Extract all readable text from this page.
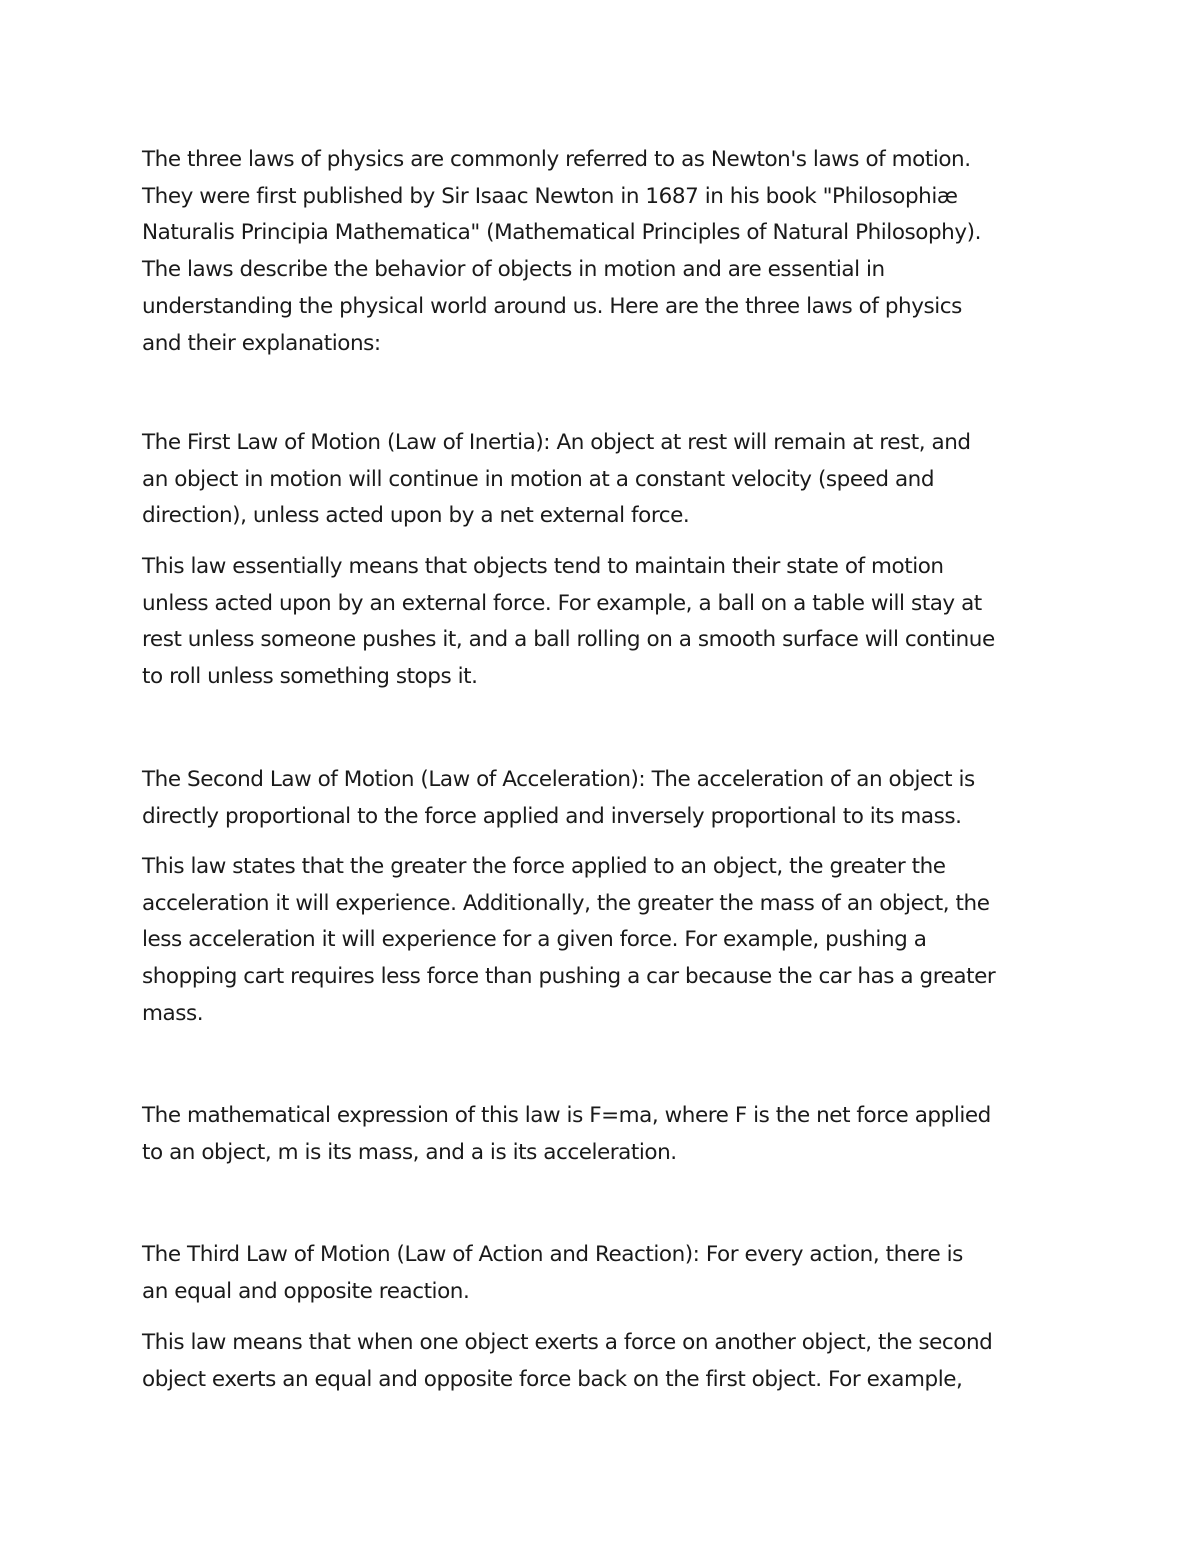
The three laws of physics are commonly referred to as Newton's laws of motion.
They were first published by Sir Isaac Newton in 1687 in his book "Philosophiæ
Naturalis Principia Mathematica" (Mathematical Principles of Natural Philosophy).
The laws describe the behavior of objects in motion and are essential in
understanding the physical world around us. Here are the three laws of physics
and their explanations:

The First Law of Motion (Law of Inertia): An object at rest will remain at rest, and
an object in motion will continue in motion at a constant velocity (speed and
direction), unless acted upon by a net external force.

This law essentially means that objects tend to maintain their state of motion
unless acted upon by an external force. For example, a ball on a table will stay at
rest unless someone pushes it, and a ball rolling on a smooth surface will continue
to roll unless something stops it.

The Second Law of Motion (Law of Acceleration): The acceleration of an object is
directly proportional to the force applied and inversely proportional to its mass.

This law states that the greater the force applied to an object, the greater the
acceleration it will experience. Additionally, the greater the mass of an object, the
less acceleration it will experience for a given force. For example, pushing a
shopping cart requires less force than pushing a car because the car has a greater
mass.

The mathematical expression of this law is F=ma, where F is the net force applied
to an object, m is its mass, and a is its acceleration.

The Third Law of Motion (Law of Action and Reaction): For every action, there is
an equal and opposite reaction.

This law means that when one object exerts a force on another object, the second
object exerts an equal and opposite force back on the first object. For example,
